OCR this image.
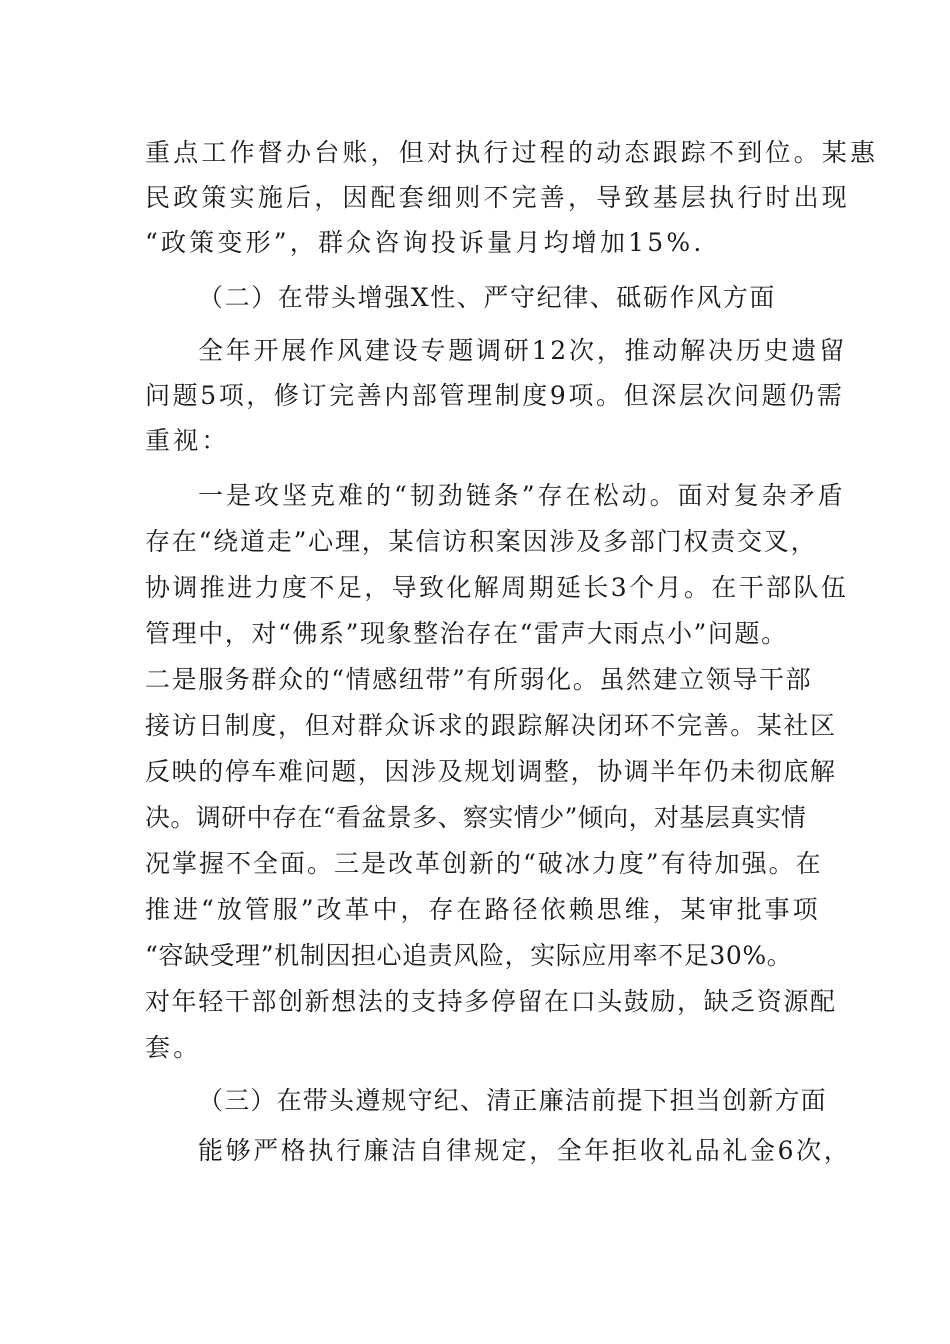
重点工作督办台账，但对执行过程的动态跟踪不到位。某惠
民政策实施后，因配套细则不完善，导致基层执行时出现
“政策变形”，群众咨询投诉量月均增加15%.
（二）在带头增强X性、严守纪律、砥砺作风方面
全年开展作风建设专题调研12次，推动解决历史遗留
问题5项，修订完善内部管理制度9项。但深层次问题仍需
重视：
一是攻坚克难的“韧劲链条”存在松动。面对复杂矛盾
存在“绕道走”心理，某信访积案因涉及多部门权责交叉，
协调推进力度不足，导致化解周期延长3个月。在干部队伍
管理中，对“佛系”现象整治存在“雷声大雨点小”问题。
二是服务群众的“情感纽带”有所弱化。虽然建立领导干部
接访日制度，但对群众诉求的跟踪解决闭环不完善。某社区
反映的停车难问题，因涉及规划调整，协调半年仍未彻底解
决。调研中存在“看盆景多、察实情少”倾向，对基层真实情
况掌握不全面。三是改革创新的“破冰力度”有待加强。在
推进“放管服”改革中，存在路径依赖思维，某审批事项
“容缺受理”机制因担心追责风险，实际应用率不足30%。
对年轻干部创新想法的支持多停留在口头鼓励，缺乏资源配
套。
（三）在带头遵规守纪、清正廉洁前提下担当创新方面
能够严格执行廉洁自律规定，全年拒收礼品礼金6次，
